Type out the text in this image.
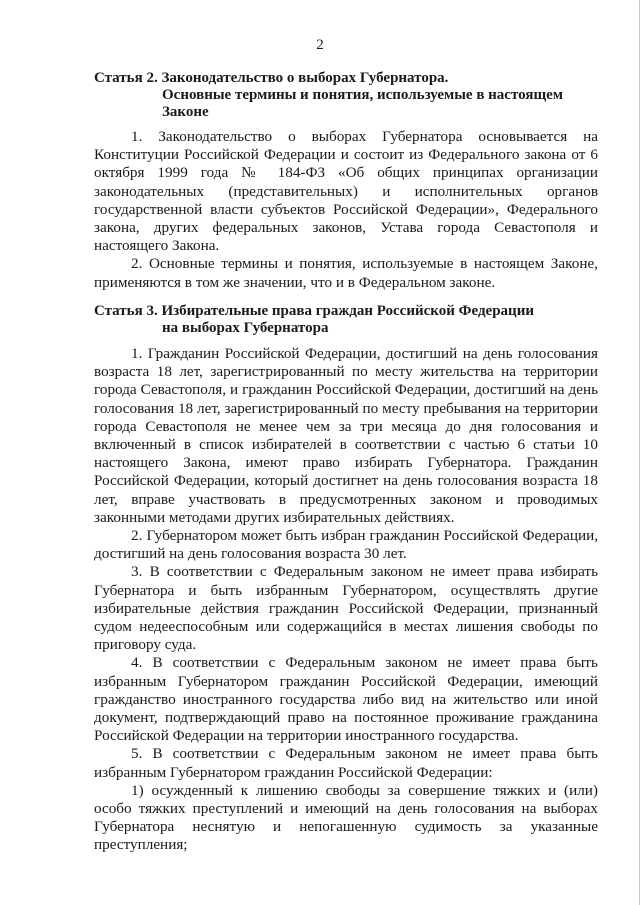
2
Статья 2. Законодательство о выборах Губернатора.
Основные термины и понятия, используемые в настоящем
Законе

1. Законодательство о выборах Губернатора основывается на Конституции Российской Федерации и состоит из Федерального закона от 6 октября 1999 года № 184-ФЗ «Об общих принципах организации законодательных (представительных) и исполнительных органов государственной власти субъектов Российской Федерации», Федерального закона, других федеральных законов, Устава города Севастополя и настоящего Закона.

2. Основные термины и понятия, используемые в настоящем Законе, применяются в том же значении, что и в Федеральном законе.

Статья 3. Избирательные права граждан Российской Федерации
на выборах Губернатора

1. Гражданин Российской Федерации, достигший на день голосования возраста 18 лет, зарегистрированный по месту жительства на территории города Севастополя, и гражданин Российской Федерации, достигший на день голосования 18 лет, зарегистрированный по месту пребывания на территории города Севастополя не менее чем за три месяца до дня голосования и включенный в список избирателей в соответствии с частью 6 статьи 10 настоящего Закона, имеют право избирать Губернатора. Гражданин Российской Федерации, который достигнет на день голосования возраста 18 лет, вправе участвовать в предусмотренных законом и проводимых законными методами других избирательных действиях.

2. Губернатором может быть избран гражданин Российской Федерации, достигший на день голосования возраста 30 лет.

3. В соответствии с Федеральным законом не имеет права избирать Губернатора и быть избранным Губернатором, осуществлять другие избирательные действия гражданин Российской Федерации, признанный судом недееспособным или содержащийся в местах лишения свободы по приговору суда.

4. В соответствии с Федеральным законом не имеет права быть избранным Губернатором гражданин Российской Федерации, имеющий гражданство иностранного государства либо вид на жительство или иной документ, подтверждающий право на постоянное проживание гражданина Российской Федерации на территории иностранного государства.

5. В соответствии с Федеральным законом не имеет права быть избранным Губернатором гражданин Российской Федерации:

1) осужденный к лишению свободы за совершение тяжких и (или) особо тяжких преступлений и имеющий на день голосования на выборах Губернатора неснятую и непогашенную судимость за указанные преступления;
